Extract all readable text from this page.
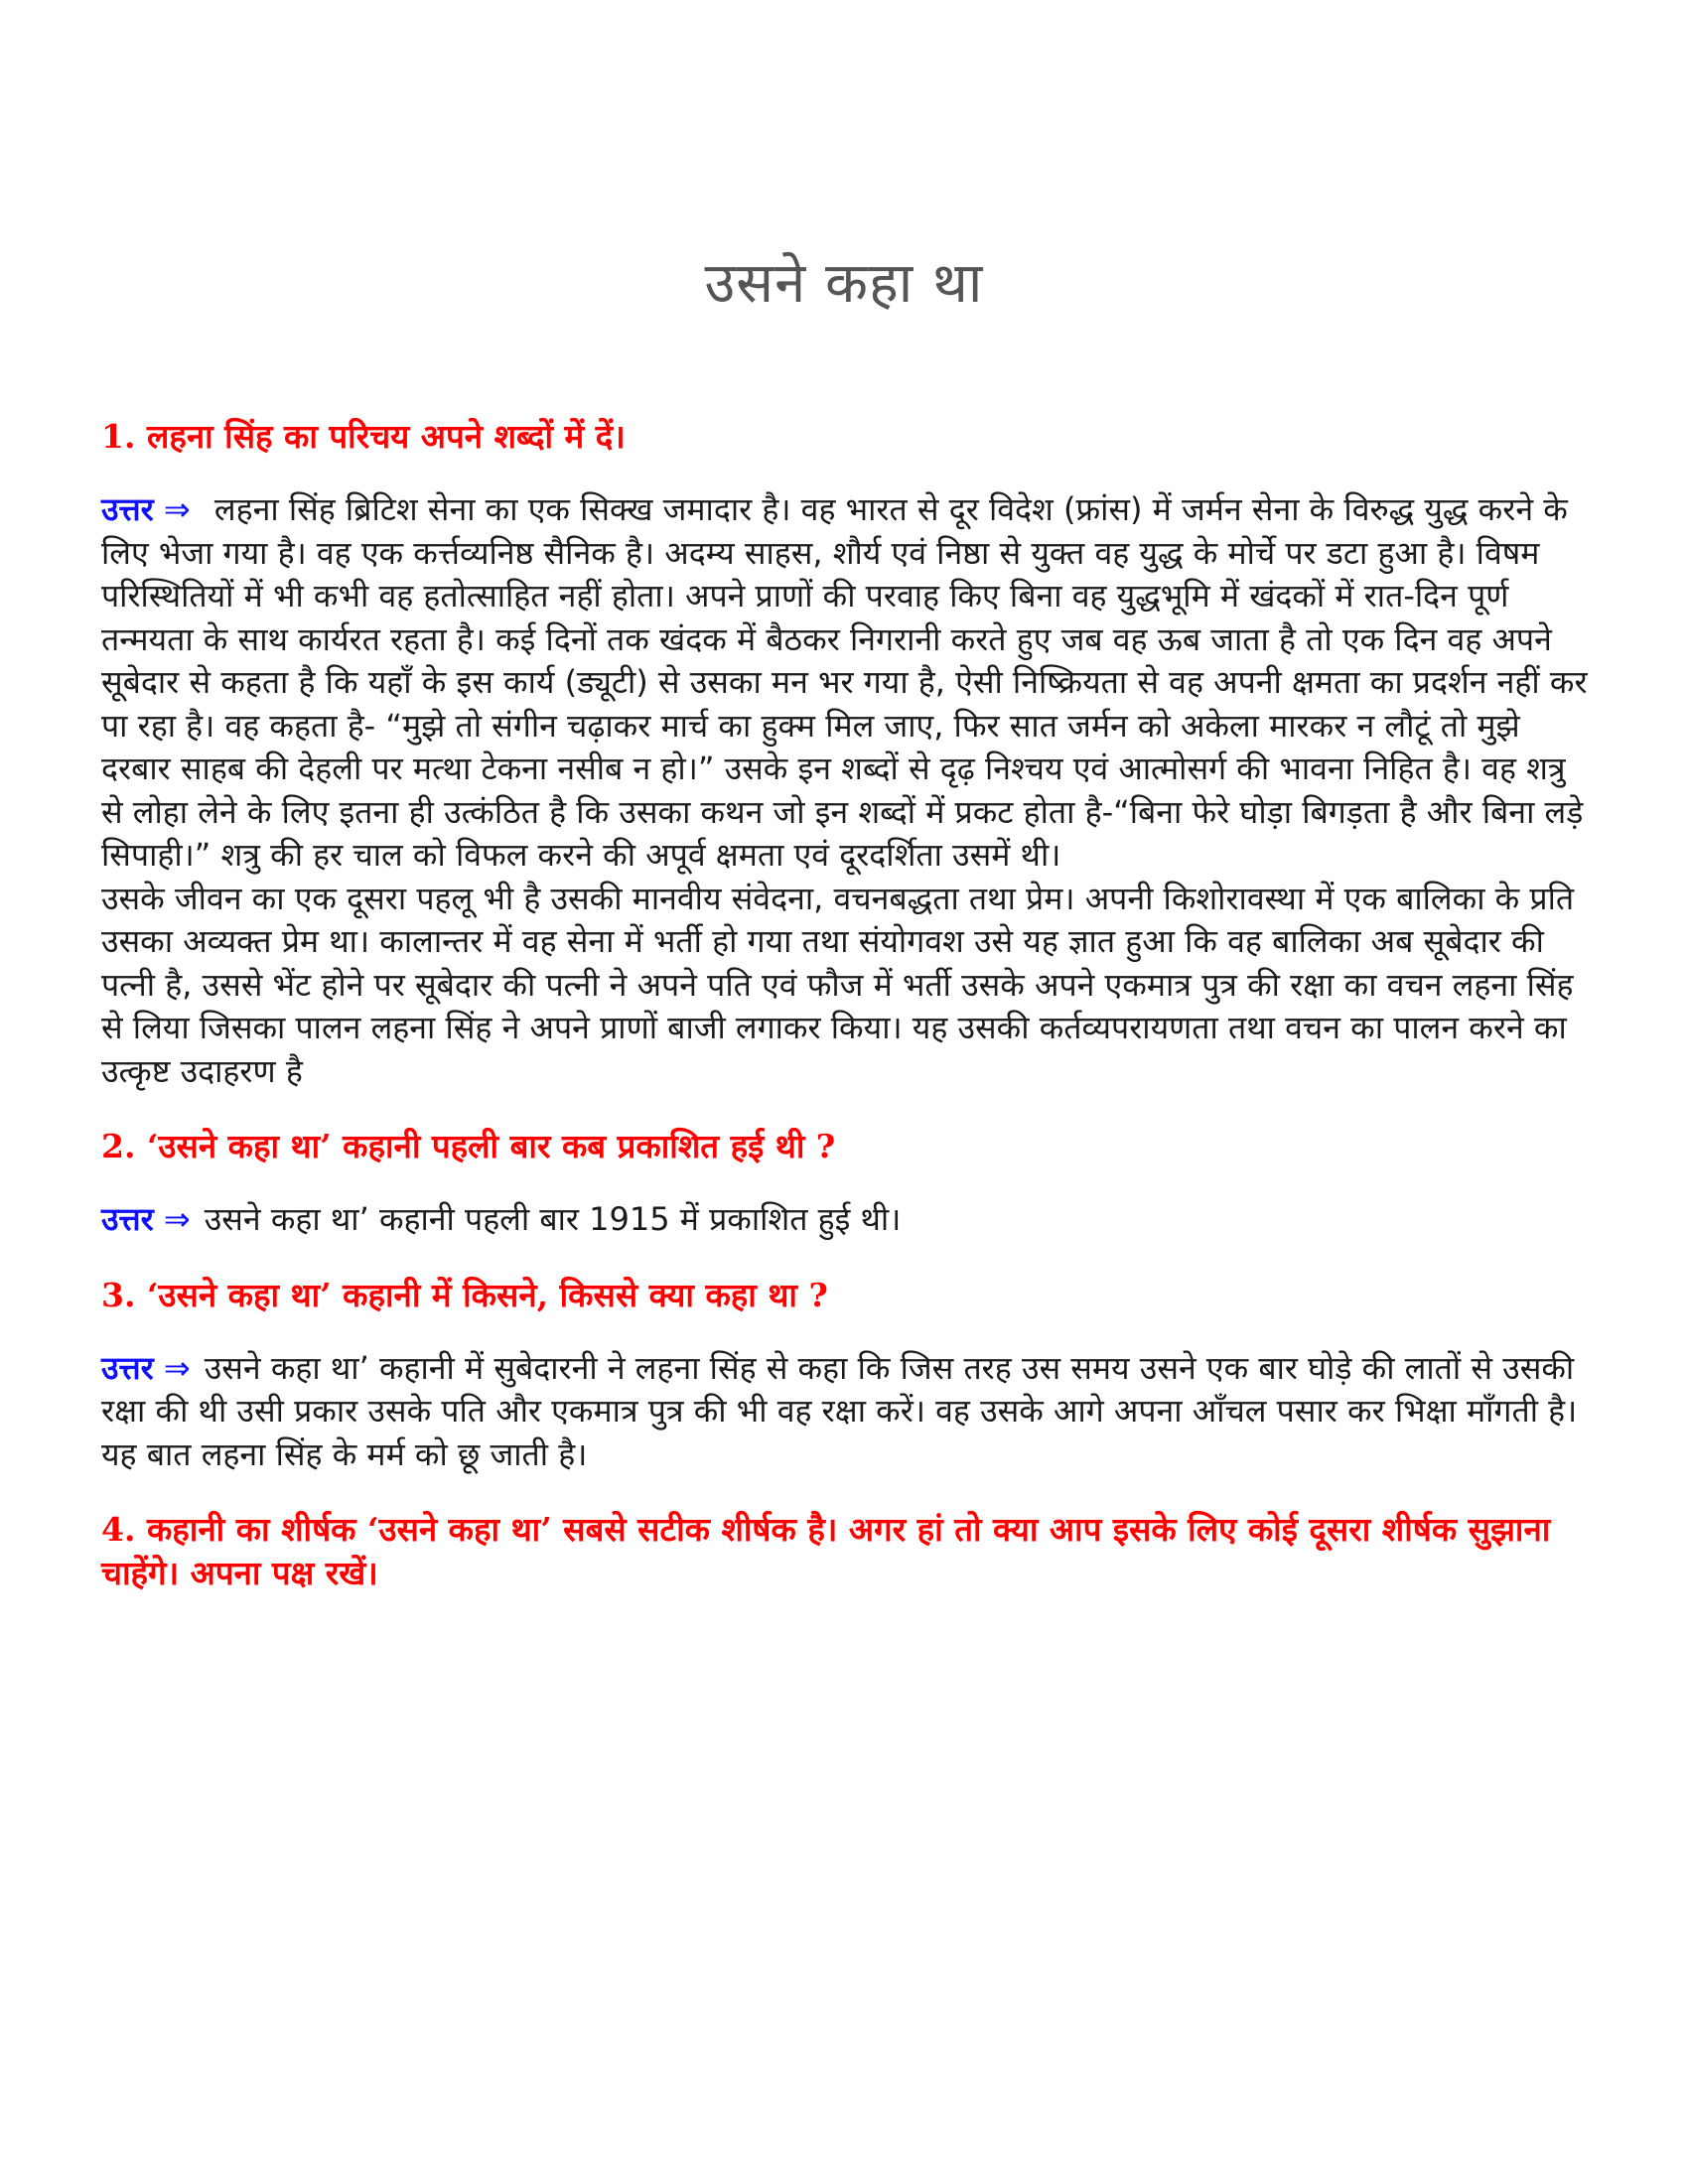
उसने कहा था

1. लहना सिंह का परिचय अपने शब्दों में दें।

उत्तर ⇒ लहना सिंह ब्रिटिश सेना का एक सिक्ख जमादार है। वह भारत से दूर विदेश (फ्रांस) में जर्मन सेना के विरुद्ध युद्ध करने के लिए भेजा गया है। वह एक कर्त्तव्यनिष्ठ सैनिक है। अदम्य साहस, शौर्य एवं निष्ठा से युक्त वह युद्ध के मोर्चे पर डटा हुआ है। विषम परिस्थितियों में भी कभी वह हतोत्साहित नहीं होता। अपने प्राणों की परवाह किए बिना वह युद्धभूमि में खंदकों में रात-दिन पूर्ण तन्मयता के साथ कार्यरत रहता है। कई दिनों तक खंदक में बैठकर निगरानी करते हुए जब वह ऊब जाता है तो एक दिन वह अपने सूबेदार से कहता है कि यहाँ के इस कार्य (ड्यूटी) से उसका मन भर गया है, ऐसी निष्क्रियता से वह अपनी क्षमता का प्रदर्शन नहीं कर पा रहा है। वह कहता है- “मुझे तो संगीन चढ़ाकर मार्च का हुक्म मिल जाए, फिर सात जर्मन को अकेला मारकर न लौटूं तो मुझे दरबार साहब की देहली पर मत्था टेकना नसीब न हो।” उसके इन शब्दों से दृढ़ निश्चय एवं आत्मोसर्ग की भावना निहित है। वह शत्रु से लोहा लेने के लिए इतना ही उत्कंठित है कि उसका कथन जो इन शब्दों में प्रकट होता है-“बिना फेरे घोड़ा बिगड़ता है और बिना लड़े सिपाही।” शत्रु की हर चाल को विफल करने की अपूर्व क्षमता एवं दूरदर्शिता उसमें थी।

उसके जीवन का एक दूसरा पहलू भी है उसकी मानवीय संवेदना, वचनबद्धता तथा प्रेम। अपनी किशोरावस्था में एक बालिका के प्रति उसका अव्यक्त प्रेम था। कालान्तर में वह सेना में भर्ती हो गया तथा संयोगवश उसे यह ज्ञात हुआ कि वह बालिका अब सूबेदार की पत्नी है, उससे भेंट होने पर सूबेदार की पत्नी ने अपने पति एवं फौज में भर्ती उसके अपने एकमात्र पुत्र की रक्षा का वचन लहना सिंह से लिया जिसका पालन लहना सिंह ने अपने प्राणों बाजी लगाकर किया। यह उसकी कर्तव्यपरायणता तथा वचन का पालन करने का उत्कृष्ट उदाहरण है

2. ‘उसने कहा था’ कहानी पहली बार कब प्रकाशित हई थी ?

उत्तर ⇒ उसने कहा था’ कहानी पहली बार 1915 में प्रकाशित हुई थी।

3. ‘उसने कहा था’ कहानी में किसने, किससे क्या कहा था ?

उत्तर ⇒ उसने कहा था’ कहानी में सुबेदारनी ने लहना सिंह से कहा कि जिस तरह उस समय उसने एक बार घोड़े की लातों से उसकी रक्षा की थी उसी प्रकार उसके पति और एकमात्र पुत्र की भी वह रक्षा करें। वह उसके आगे अपना आँचल पसार कर भिक्षा माँगती है। यह बात लहना सिंह के मर्म को छू जाती है।

4. कहानी का शीर्षक ‘उसने कहा था’ सबसे सटीक शीर्षक है। अगर हां तो क्या आप इसके लिए कोई दूसरा शीर्षक सुझाना चाहेंगे। अपना पक्ष रखें।
